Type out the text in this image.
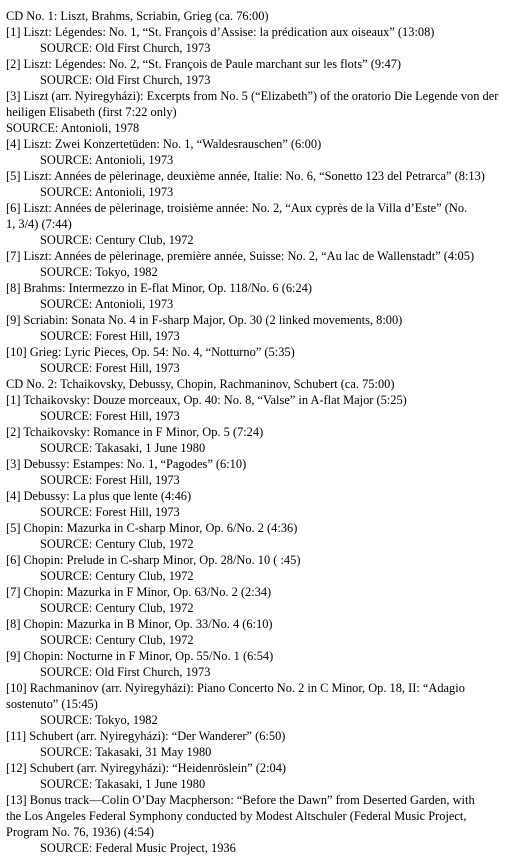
CD No. 1: Liszt, Brahms, Scriabin, Grieg (ca. 76:00)
[1] Liszt: Légendes: No. 1, “St. François d’Assise: la prédication aux oiseaux” (13:08)
SOURCE: Old First Church, 1973
[2] Liszt: Légendes: No. 2, “St. François de Paule marchant sur les flots” (9:47)
SOURCE: Old First Church, 1973
[3] Liszt (arr. Nyiregyházi): Excerpts from No. 5 (“Elizabeth”) of the oratorio Die Legende von der heiligen Elisabeth (first 7:22 only)
SOURCE: Antonioli, 1978
[4] Liszt: Zwei Konzertetüden: No. 1, “Waldesrauschen” (6:00)
SOURCE: Antonioli, 1973
[5] Liszt: Années de pèlerinage, deuxième année, Italie: No. 6, “Sonetto 123 del Petrarca” (8:13)
SOURCE: Antonioli, 1973
[6] Liszt: Années de pèlerinage, troisième année: No. 2, “Aux cyprès de la Villa d’Este” (No. 1, 3/4) (7:44)
SOURCE: Century Club, 1972
[7] Liszt: Années de pèlerinage, première année, Suisse: No. 2, “Au lac de Wallenstadt” (4:05)
SOURCE: Tokyo, 1982
[8] Brahms: Intermezzo in E-flat Minor, Op. 118/No. 6 (6:24)
SOURCE: Antonioli, 1973
[9] Scriabin: Sonata No. 4 in F-sharp Major, Op. 30 (2 linked movements, 8:00)
SOURCE: Forest Hill, 1973
[10] Grieg: Lyric Pieces, Op. 54: No. 4, “Notturno” (5:35)
SOURCE: Forest Hill, 1973
CD No. 2: Tchaikovsky, Debussy, Chopin, Rachmaninov, Schubert (ca. 75:00)
[1] Tchaikovsky: Douze morceaux, Op. 40: No. 8, “Valse” in A-flat Major (5:25)
SOURCE: Forest Hill, 1973
[2] Tchaikovsky: Romance in F Minor, Op. 5 (7:24)
SOURCE: Takasaki, 1 June 1980
[3] Debussy: Estampes: No. 1, “Pagodes” (6:10)
SOURCE: Forest Hill, 1973
[4] Debussy: La plus que lente (4:46)
SOURCE: Forest Hill, 1973
[5] Chopin: Mazurka in C-sharp Minor, Op. 6/No. 2 (4:36)
SOURCE: Century Club, 1972
[6] Chopin: Prelude in C-sharp Minor, Op. 28/No. 10 ( :45)
SOURCE: Century Club, 1972
[7] Chopin: Mazurka in F Minor, Op. 63/No. 2 (2:34)
SOURCE: Century Club, 1972
[8] Chopin: Mazurka in B Minor, Op. 33/No. 4 (6:10)
SOURCE: Century Club, 1972
[9] Chopin: Nocturne in F Minor, Op. 55/No. 1 (6:54)
SOURCE: Old First Church, 1973
[10] Rachmaninov (arr. Nyiregyházi): Piano Concerto No. 2 in C Minor, Op. 18, II: “Adagio sostenuto” (15:45)
SOURCE: Tokyo, 1982
[11] Schubert (arr. Nyiregyházi): “Der Wanderer” (6:50)
SOURCE: Takasaki, 31 May 1980
[12] Schubert (arr. Nyiregyházi): “Heidenröslein” (2:04)
SOURCE: Takasaki, 1 June 1980
[13] Bonus track—Colin O’Day Macpherson: “Before the Dawn” from Deserted Garden, with the Los Angeles Federal Symphony conducted by Modest Altschuler (Federal Music Project, Program No. 76, 1936) (4:54)
SOURCE: Federal Music Project, 1936
